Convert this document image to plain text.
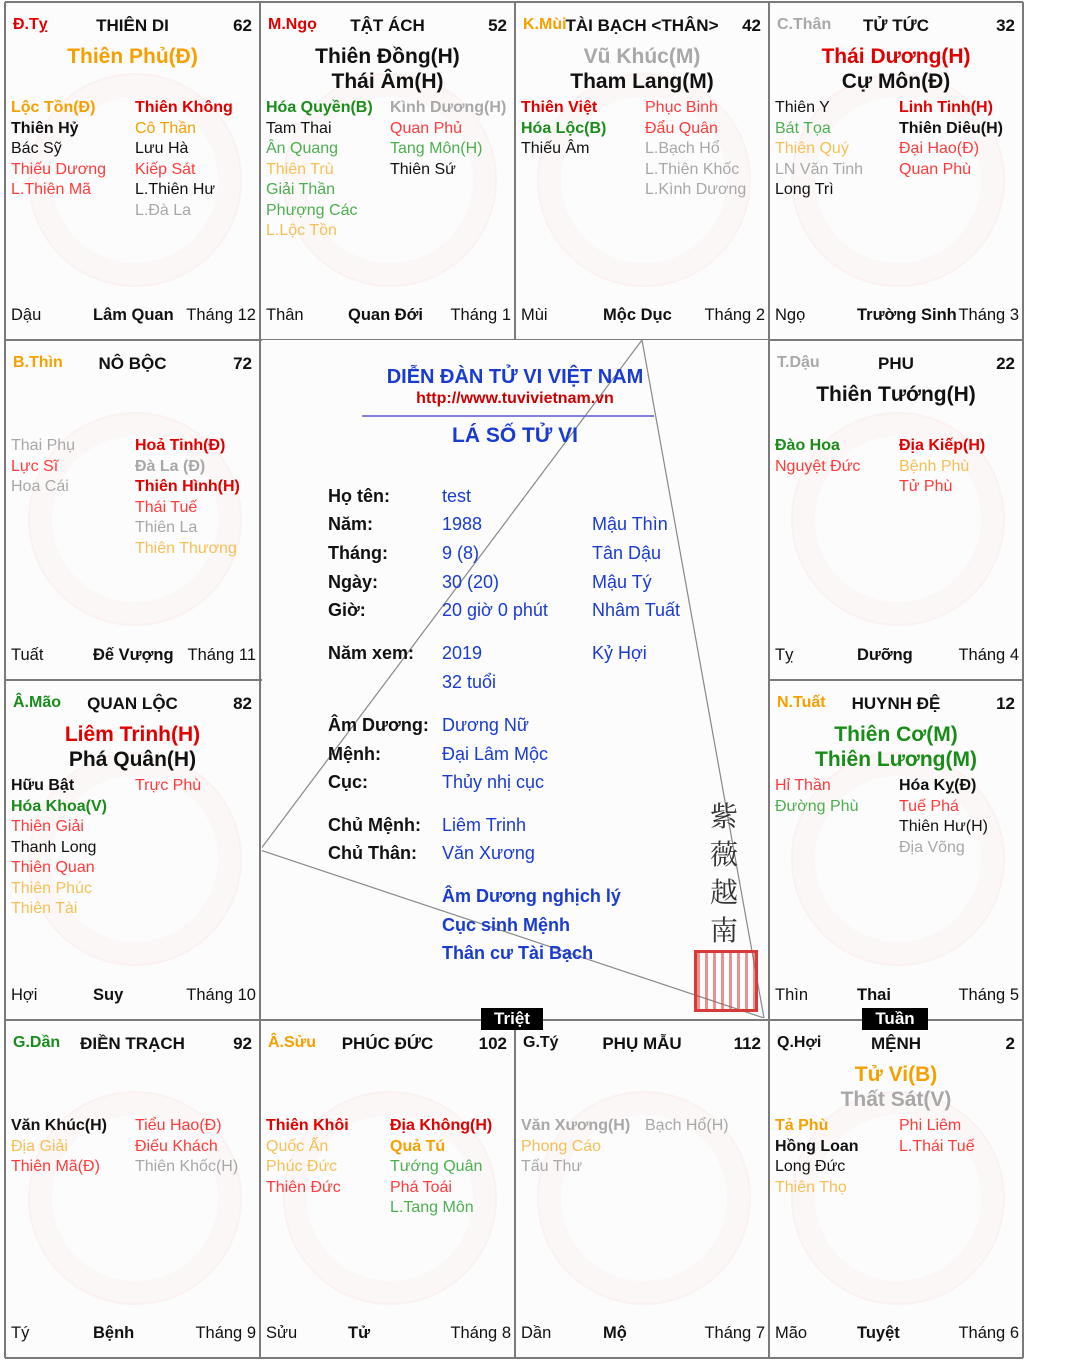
Đ.Tỵ	THIÊN DI	62
Thiên Phủ(Đ)
Lộc Tồn(Đ)
Thiên Hỷ
Bác Sỹ
Thiếu Dương
L.Thiên Mã
Thiên Không
Cô Thần
Lưu Hà
Kiếp Sát
L.Thiên Hư
L.Đà La
Dậu	Lâm Quan Tháng 12
M.Ngọ	TẬT ÁCH	52
Thiên Đồng(H)
Thái Âm(H)
Hóa Quyền(B)
Tam Thai
Ân Quang
Thiên Trù
Giải Thần
Phượng Các
L.Lộc Tồn
Kình Dương(H)
Quan Phủ
Tang Môn(H)
Thiên Sứ
Thân	Quan Đới Tháng 1
K.Mùi
TÀI BẠCH <THÂN>	42
Vũ Khúc(M)
Tham Lang(M)
Thiên Việt
Hóa Lộc(B)
Thiếu Âm
Phục Binh
Đẩu Quân
L.Bạch Hổ
L.Thiên Khốc
L.Kình Dương
Mùi	Mộc Dục Tháng 2
C.Thân	TỬ TỨC	32
Thái Dương(H)
Cự Môn(Đ)
Thiên Y
Bát Tọa
Thiên Quý
LN Văn Tinh
Long Trì
Linh Tinh(H)
Thiên Diêu(H)
Đại Hao(Đ)
Quan Phù
Ngọ	Trường Sinh Tháng 3
B.Thìn	NÔ BỘC	72
Thai Phụ
Lực Sĩ
Hoa Cái
Hoả Tinh(Đ)
Đà La (Đ)
Thiên Hình(H)
Thái Tuế
Thiên La
Thiên Thương
Tuất	Đế Vượng Tháng 11
T.Dậu	PHU	22
Thiên Tướng(H)
Đào Hoa
Nguyệt Đức
Địa Kiếp(H)
Bệnh Phù
Tử Phù
Tỵ	Dưỡng	Tháng 4
Â.Mão	QUAN LỘC	82
Liêm Trinh(H)
Phá Quân(H)
Hữu Bật
Hóa Khoa(V)
Thiên Giải
Thanh Long
Thiên Quan
Thiên Phúc
Thiên Tài
Trực Phù
Hợi	Suy	Tháng 10
N.Tuất	HUYNH ĐỆ	12
Thiên Cơ(M)
Thiên Lương(M)
Hỉ Thần
Đường Phù
Hóa Kỵ(Đ)
Tuế Phá
Thiên Hư(H)
Địa Võng
Thìn	Thai	Tháng 5
G.Dần	ĐIỀN TRẠCH	92
Văn Khúc(H)
Địa Giải
Thiên Mã(Đ)
Tiểu Hao(Đ)
Điếu Khách
Thiên Khốc(H)
Tý	Bệnh	Tháng 9
Â.Sửu	PHÚC ĐỨC	102
Thiên Khôi
Quốc Ấn
Phúc Đức
Thiên Đức
Địa Không(H)
Quả Tú
Tướng Quân
Phá Toái
L.Tang Môn
Sửu	Tử	Tháng 8
G.Tý	PHỤ MẪU	112
Văn Xương(H)
Phong Cáo
Tấu Thư
Bạch Hổ(H)
Dần	Mộ	Tháng 7
Q.Hợi	MỆNH	2
Tử Vi(B)
Thất Sát(V)
Tả Phù
Hồng Loan
Long Đức
Thiên Thọ
Phi Liêm
L.Thái Tuế
Mão	Tuyệt	Tháng 6
DIỄN ĐÀN TỬ VI VIỆT NAM
http://www.tuvivietnam.vn
LÁ SỐ TỬ VI
Họ tên:	test
Năm:	1988	Mậu Thìn
Tháng:	9 (8)	Tân Dậu
Ngày:	30 (20)	Mậu Tý
Giờ:	20 giờ 0 phút Nhâm Tuất
Năm xem: 2019	Kỷ Hợi
32 tuổi
Âm Dương: Dương Nữ
Mệnh:	Đại Lâm Mộc
Cục:	Thủy nhị cục
Chủ Mệnh: Liêm Trinh
Chủ Thân: Văn Xương
Âm Dương nghịch lý
Cục sinh Mệnh
Thân cư Tài Bạch
紫
薇
越
南
Triệt	Tuần
